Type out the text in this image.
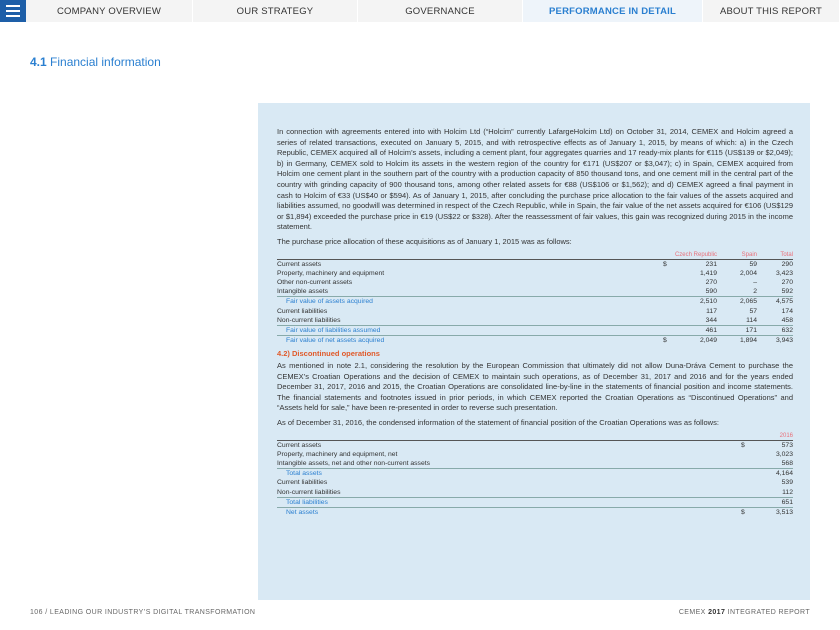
COMPANY OVERVIEW	OUR STRATEGY	GOVERNANCE	PERFORMANCE IN DETAIL	ABOUT THIS REPORT
4.1 Financial information

In connection with agreements entered into with Holcim Ltd (“Holcim” currently LafargeHolcim Ltd) on October 31, 2014, CEMEX and Holcim agreed a series of related transactions, executed on January 5, 2015, and with retrospective effects as of January 1, 2015, by means of which: a) in the Czech Republic, CEMEX acquired all of Holcim’s assets, including a cement plant, four aggregates quarries and 17 ready-mix plants for €115 (US$139 or $2,049); b) in Germany, CEMEX sold to Holcim its assets in the western region of the country for €171 (US$207 or $3,047); c) in Spain, CEMEX acquired from Holcim one cement plant in the southern part of the country with a production capacity of 850 thousand tons, and one cement mill in the central part of the country with grinding capacity of 900 thousand tons, among other related assets for €88 (US$106 or $1,562); and d) CEMEX agreed a final payment in cash to Holcim of €33 (US$40 or $594). As of January 1, 2015, after concluding the purchase price allocation to the fair values of the assets acquired and liabilities assumed, no goodwill was determined in respect of the Czech Republic, while in Spain, the fair value of the net assets acquired for €106 (US$129 or $1,894) exceeded the purchase price in €19 (US$22 or $328). After the reassessment of fair values, this gain was recognized during 2015 in the income statement.

The purchase price allocation of these acquisitions as of January 1, 2015 was as follows:

		Czech Republic	Spain	Total
Current assets	$	231	59	290
Property, machinery and equipment		1,419	2,004	3,423
Other non-current assets		270	–	270
Intangible assets		590	2	592
Fair value of assets acquired		2,510	2,065	4,575
Current liabilities		117	57	174
Non-current liabilities		344	114	458
Fair value of liabilities assumed		461	171	632
Fair value of net assets acquired	$	2,049	1,894	3,943
4.2) Discontinued operations

As mentioned in note 2.1, considering the resolution by the European Commission that ultimately did not allow Duna-Dráva Cement to purchase the CEMEX’s Croatian Operations and the decision of CEMEX to maintain such operations, as of December 31, 2017 and 2016 and for the years ended December 31, 2017, 2016 and 2015, the Croatian Operations are consolidated line-by-line in the statements of financial position and income statements. The financial statements and footnotes issued in prior periods, in which CEMEX reported the Croatian Operations as “Discontinued Operations” and “Assets held for sale,” have been re-presented in order to reverse such presentation.

As of December 31, 2016, the condensed information of the statement of financial position of the Croatian Operations was as follows:

		2016
Current assets	$	573
Property, machinery and equipment, net		3,023
Intangible assets, net and other non-current assets		568
Total assets		4,164
Current liabilities		539
Non-current liabilities		112
Total liabilities		651
Net assets	$	3,513
106 / LEADING OUR INDUSTRY’S DIGITAL TRANSFORMATION	CEMEX 2017 INTEGRATED REPORT
